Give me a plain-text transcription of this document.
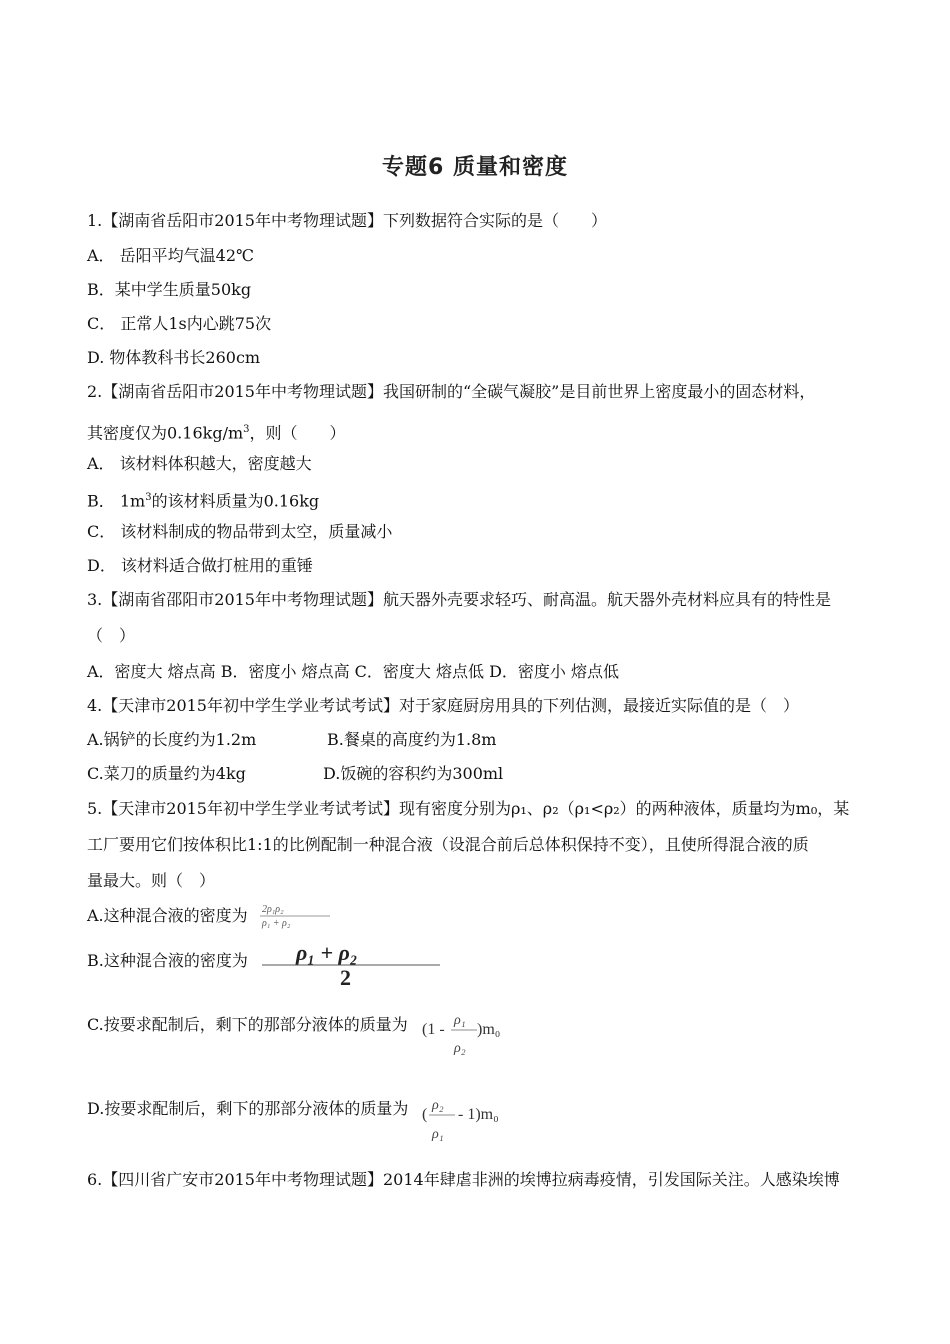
专题6 质量和密度
1.【湖南省岳阳市2015年中考物理试题】下列数据符合实际的是（　　）
A． 岳阳平均气温42℃
B．某中学生质量50kg
C． 正常人1s内心跳75次
D. 物体教科书长260cm
2.【湖南省岳阳市2015年中考物理试题】我国研制的“全碳气凝胶”是目前世界上密度最小的固态材料，
其密度仅为$0.16kg/m^3$，则（　　）
A． 该材料体积越大，密度越大
B． $1m^3$的该材料质量为0.16kg
C． 该材料制成的物品带到太空，质量减小
D． 该材料适合做打桩用的重锤
3.【湖南省邵阳市2015年中考物理试题】航天器外壳要求轻巧、耐高温。航天器外壳材料应具有的特性是
（　）
A．密度大 熔点高 B．密度小 熔点高 C．密度大 熔点低 D．密度小 熔点低
4.【天津市2015年初中学生学业考试考试】对于家庭厨房用具的下列估测，最接近实际值的是（　）
A.锅铲的长度约为1.2m	B.餐桌的高度约为1.8m
C.菜刀的质量约为4kg	D.饭碗的容积约为300ml
5.【天津市2015年初中学生学业考试考试】现有密度分别为ρ₁、ρ₂（ρ₁<ρ₂）的两种液体，质量均为m₀，某
工厂要用它们按体积比1:1的比例配制一种混合液（设混合前后总体积保持不变），且使所得混合液的质
量最大。则（　）
A.这种混合液的密度为 2ρ₁ρ₂
ρ₁ + ρ₂
B.这种混合液的密度为 ρ₁ + ρ₂
2
C.按要求配制后，剩下的那部分液体的质量为 (1 -
ρ₁
ρ₂
)m₀
D.按要求配制后，剩下的那部分液体的质量为 (
ρ₂
ρ₁
- 1)m₀
6.【四川省广安市2015年中考物理试题】2014年肆虐非洲的埃博拉病毒疫情，引发国际关注。人感染埃博
